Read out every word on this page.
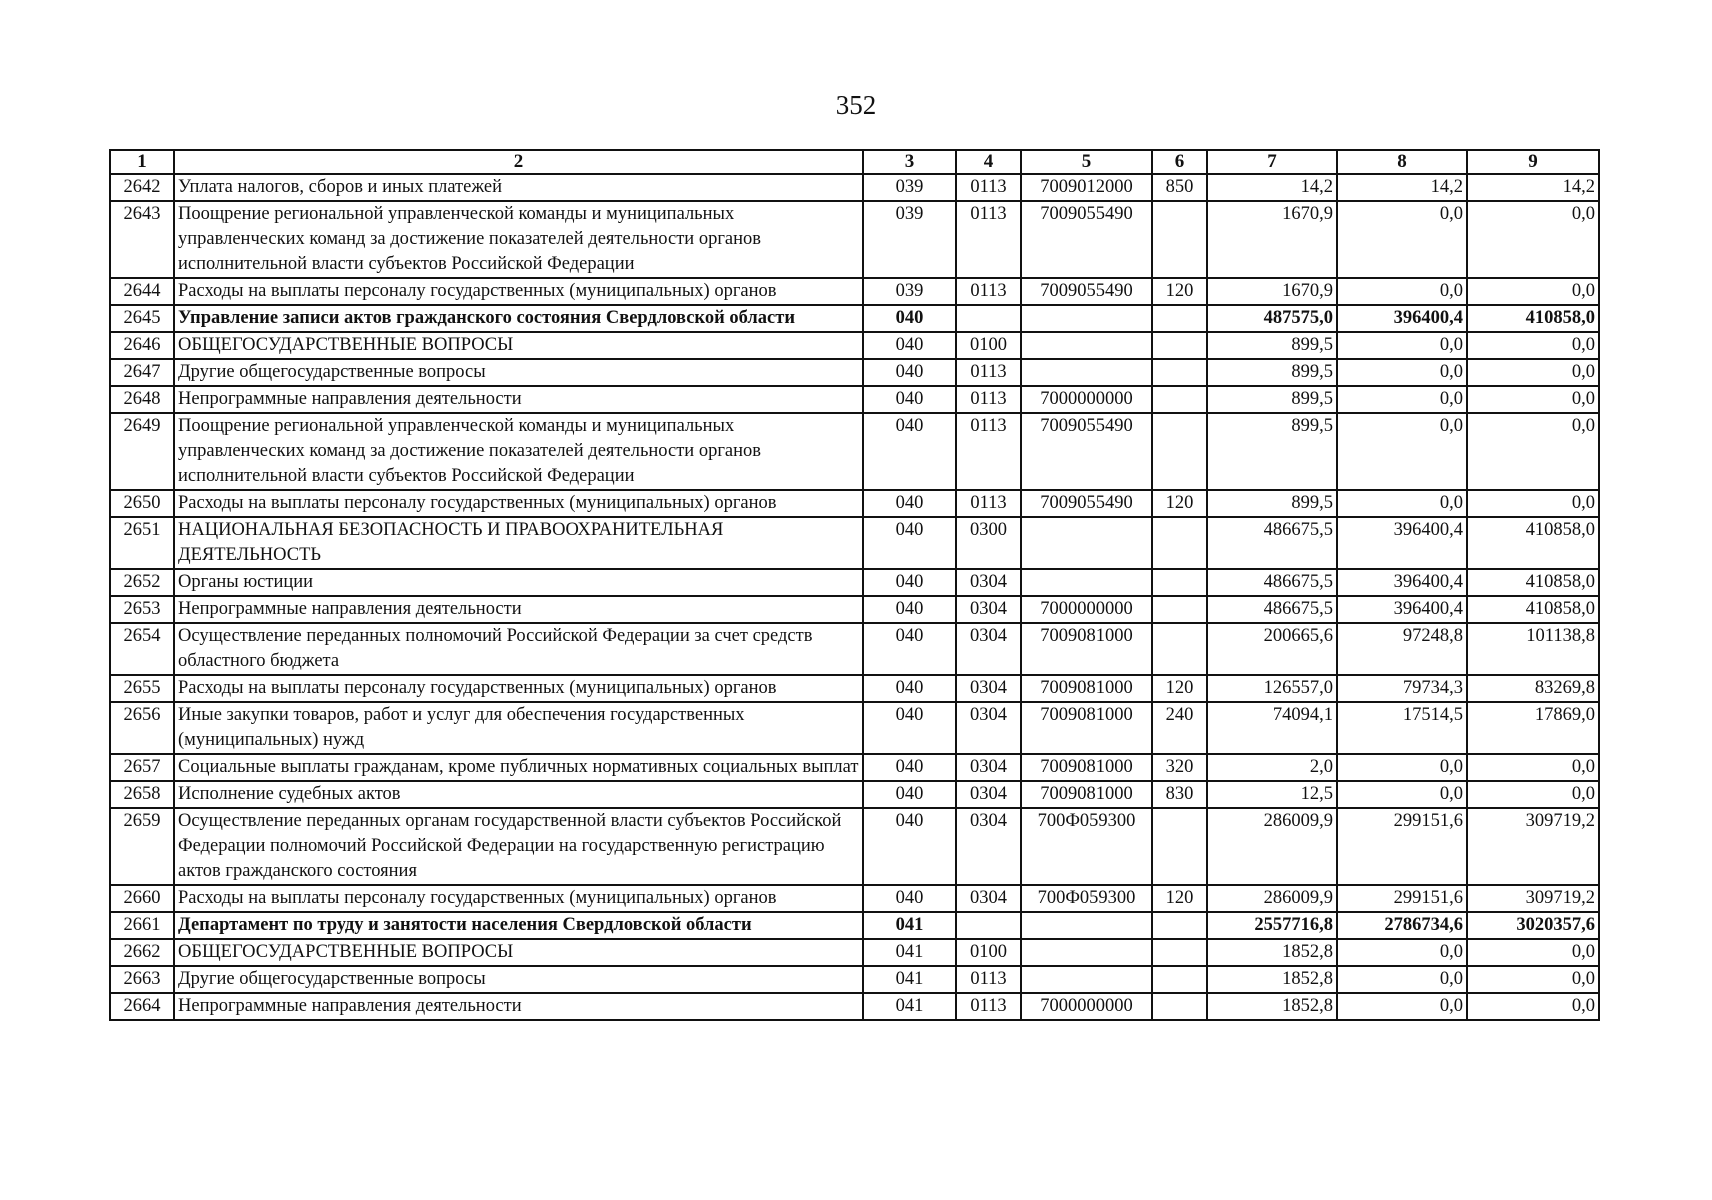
352
1	2	3	4	5	6	7	8	9
2642	Уплата налогов, сборов и иных платежей	039	0113	7009012000	850	14,2	14,2	14,2
2643	Поощрение региональной управленческой команды и муниципальных управленческих команд за достижение показателей деятельности органов исполнительной власти субъектов Российской Федерации	039	0113	7009055490		1670,9	0,0	0,0
2644	Расходы на выплаты персоналу государственных (муниципальных) органов	039	0113	7009055490	120	1670,9	0,0	0,0
2645	Управление записи актов гражданского состояния Свердловской области	040				487575,0	396400,4	410858,0
2646	ОБЩЕГОСУДАРСТВЕННЫЕ ВОПРОСЫ	040	0100			899,5	0,0	0,0
2647	Другие общегосударственные вопросы	040	0113			899,5	0,0	0,0
2648	Непрограммные направления деятельности	040	0113	7000000000		899,5	0,0	0,0
2649	Поощрение региональной управленческой команды и муниципальных управленческих команд за достижение показателей деятельности органов исполнительной власти субъектов Российской Федерации	040	0113	7009055490		899,5	0,0	0,0
2650	Расходы на выплаты персоналу государственных (муниципальных) органов	040	0113	7009055490	120	899,5	0,0	0,0
2651	НАЦИОНАЛЬНАЯ БЕЗОПАСНОСТЬ И ПРАВООХРАНИТЕЛЬНАЯ ДЕЯТЕЛЬНОСТЬ	040	0300			486675,5	396400,4	410858,0
2652	Органы юстиции	040	0304			486675,5	396400,4	410858,0
2653	Непрограммные направления деятельности	040	0304	7000000000		486675,5	396400,4	410858,0
2654	Осуществление переданных полномочий Российской Федерации за счет средств областного бюджета	040	0304	7009081000		200665,6	97248,8	101138,8
2655	Расходы на выплаты персоналу государственных (муниципальных) органов	040	0304	7009081000	120	126557,0	79734,3	83269,8
2656	Иные закупки товаров, работ и услуг для обеспечения государственных (муниципальных) нужд	040	0304	7009081000	240	74094,1	17514,5	17869,0
2657	Социальные выплаты гражданам, кроме публичных нормативных социальных выплат	040	0304	7009081000	320	2,0	0,0	0,0
2658	Исполнение судебных актов	040	0304	7009081000	830	12,5	0,0	0,0
2659	Осуществление переданных органам государственной власти субъектов Российской Федерации полномочий Российской Федерации на государственную регистрацию актов гражданского состояния	040	0304	700Ф059300		286009,9	299151,6	309719,2
2660	Расходы на выплаты персоналу государственных (муниципальных) органов	040	0304	700Ф059300	120	286009,9	299151,6	309719,2
2661	Департамент по труду и занятости населения Свердловской области	041				2557716,8	2786734,6	3020357,6
2662	ОБЩЕГОСУДАРСТВЕННЫЕ ВОПРОСЫ	041	0100			1852,8	0,0	0,0
2663	Другие общегосударственные вопросы	041	0113			1852,8	0,0	0,0
2664	Непрограммные направления деятельности	041	0113	7000000000		1852,8	0,0	0,0
